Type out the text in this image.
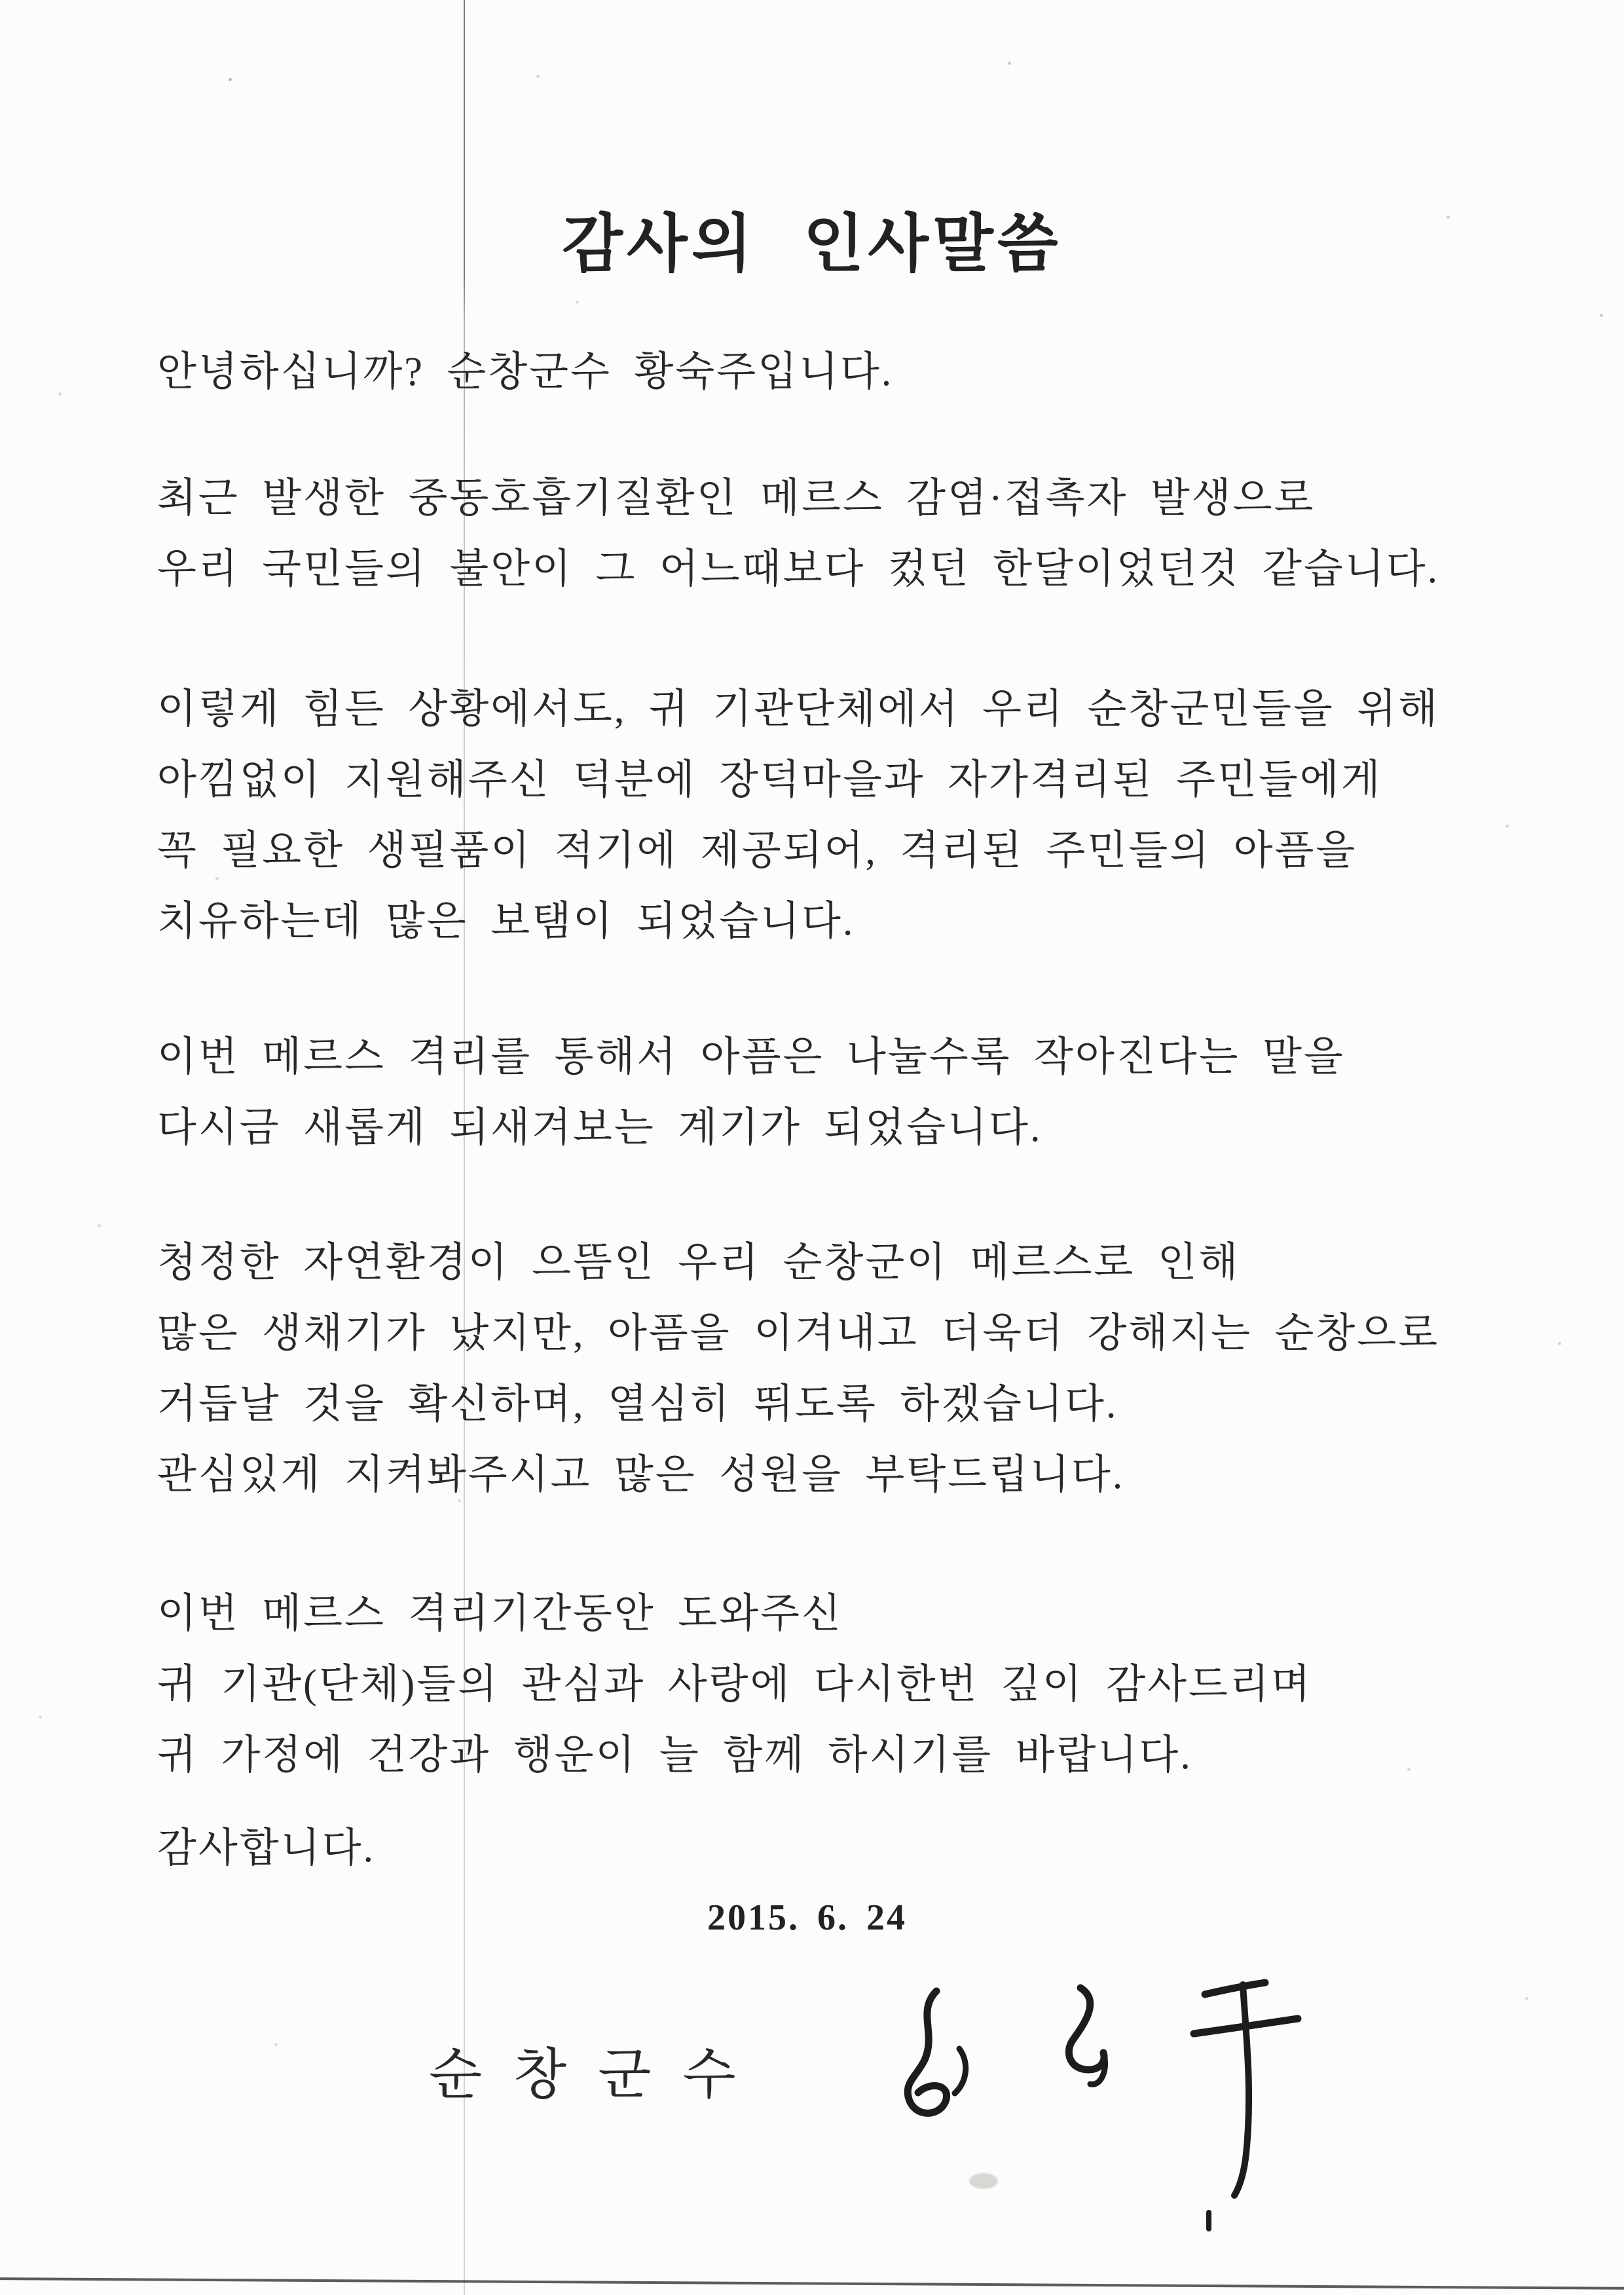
감사의 인사말씀
안녕하십니까? 순창군수 황숙주입니다.
최근 발생한 중동호흡기질환인 메르스 감염·접촉자 발생으로
우리 국민들의 불안이 그 어느때보다 컸던 한달이었던것 같습니다.
이렇게 힘든 상황에서도, 귀 기관단체에서 우리 순창군민들을 위해
아낌없이 지원해주신 덕분에 장덕마을과 자가격리된 주민들에게
꼭 필요한 생필품이 적기에 제공되어, 격리된 주민들의 아픔을
치유하는데 많은 보탬이 되었습니다.
이번 메르스 격리를 통해서 아픔은 나눌수록 작아진다는 말을
다시금 새롭게 되새겨보는 계기가 되었습니다.
청정한 자연환경이 으뜸인 우리 순창군이 메르스로 인해
많은 생채기가 났지만, 아픔을 이겨내고 더욱더 강해지는 순창으로
거듭날 것을 확신하며, 열심히 뛰도록 하겠습니다.
관심있게 지켜봐주시고 많은 성원을 부탁드립니다.
이번 메르스 격리기간동안 도와주신
귀 기관(단체)들의 관심과 사랑에 다시한번 깊이 감사드리며
귀 가정에 건강과 행운이 늘 함께 하시기를 바랍니다.
감사합니다.
2015. 6. 24
순창군수
